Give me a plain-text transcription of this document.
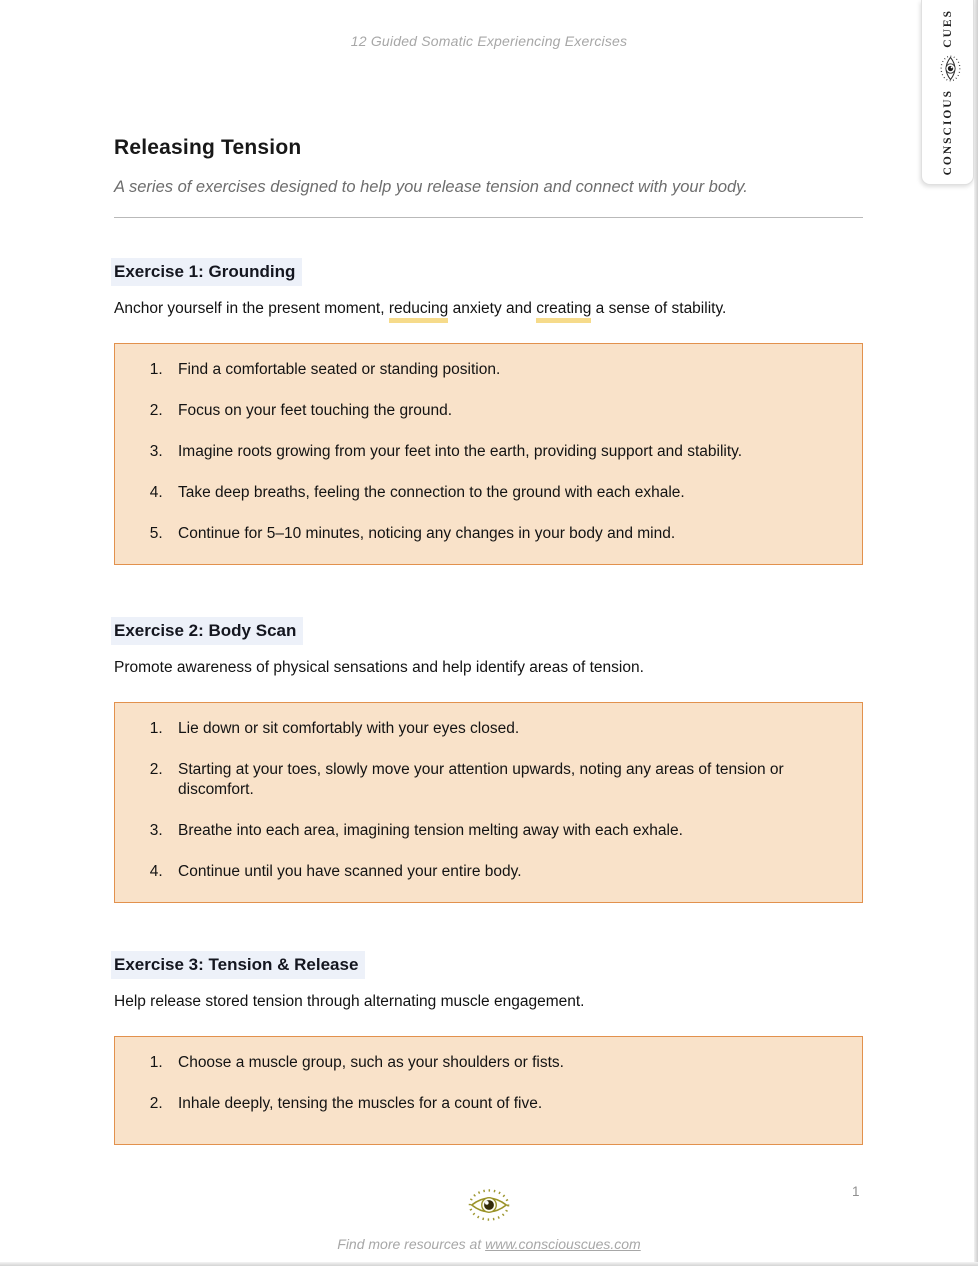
12 Guided Somatic Experiencing Exercises	CUES
CONSCIOUS
Releasing Tension

A series of exercises designed to help you release tension and connect with your body.

Exercise 1: Grounding

Anchor yourself in the present moment, reducing anxiety and creating a sense of stability.

1. Find a comfortable seated or standing position.
2. Focus on your feet touching the ground.
3. Imagine roots growing from your feet into the earth, providing support and stability.
4. Take deep breaths, feeling the connection to the ground with each exhale.
5. Continue for 5–10 minutes, noticing any changes in your body and mind.
Exercise 2: Body Scan

Promote awareness of physical sensations and help identify areas of tension.

1. Lie down or sit comfortably with your eyes closed.
2. Starting at your toes, slowly move your attention upwards, noting any areas of tension or discomfort.
3. Breathe into each area, imagining tension melting away with each exhale.
4. Continue until you have scanned your entire body.
Exercise 3: Tension & Release

Help release stored tension through alternating muscle engagement.

1. Choose a muscle group, such as your shoulders or fists.
2. Inhale deeply, tensing the muscles for a count of five.
1
Find more resources at www.consciouscues.com
